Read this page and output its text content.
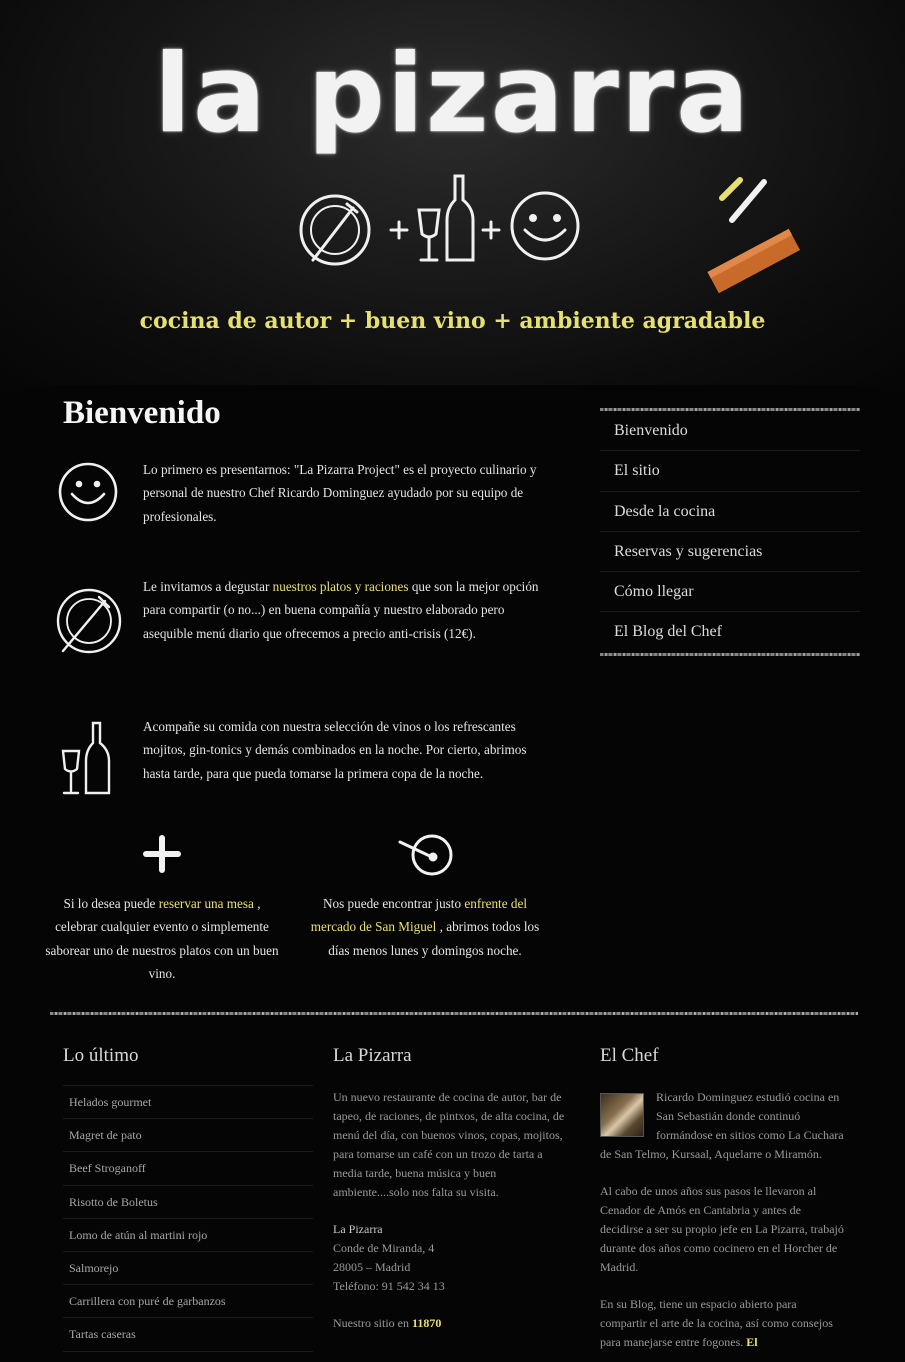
la pizarra
cocina de autor + buen vino + ambiente agradable
Bienvenido

Lo primero es presentarnos: "La Pizarra Project" es el proyecto culinario y personal de nuestro Chef Ricardo Dominguez ayudado por su equipo de profesionales.

Le invitamos a degustar nuestros platos y raciones que son la mejor opción para compartir (o no...) en buena compañía y nuestro elaborado pero asequible menú diario que ofrecemos a precio anti-crisis (12€).

Acompañe su comida con nuestra selección de vinos o los refrescantes mojitos, gin-tonics y demás combinados en la noche. Por cierto, abrimos hasta tarde, para que pueda tomarse la primera copa de la noche.

Si lo desea puede reservar una mesa , celebrar cualquier evento o simplemente saborear uno de nuestros platos con un buen vino.
Nos puede encontrar justo enfrente del mercado de San Miguel , abrimos todos los días menos lunes y domingos noche.
Bienvenido
El sitio
Desde la cocina
Reservas y sugerencias
Cómo llegar
El Blog del Chef
Lo último
Helados gourmet
Magret de pato
Beef Stroganoff
Risotto de Boletus
Lomo de atún al martini rojo
Salmorejo
Carrillera con puré de garbanzos
Tartas caseras
La Pizarra
Un nuevo restaurante de cocina de autor, bar de tapeo, de raciones, de pintxos, de alta cocina, de menú del día, con buenos vinos, copas, mojitos, para tomarse un café con un trozo de tarta a media tarde, buena música y buen ambiente....solo nos falta su visita.
La Pizarra
Conde de Miranda, 4
28005 – Madrid
Teléfono: 91 542 34 13
Nuestro sitio en 11870
El Chef
Ricardo Dominguez estudió cocina en San Sebastián donde continuó formándose en sitios como La Cuchara de San Telmo, Kursaal, Aquelarre o Miramón.
Al cabo de unos años sus pasos le llevaron al Cenador de Amós en Cantabria y antes de decidirse a ser su propio jefe en La Pizarra, trabajó durante dos años como cocinero en el Horcher de Madrid.
En su Blog, tiene un espacio abierto para compartir el arte de la cocina, así como consejos para manejarse entre fogones. El
